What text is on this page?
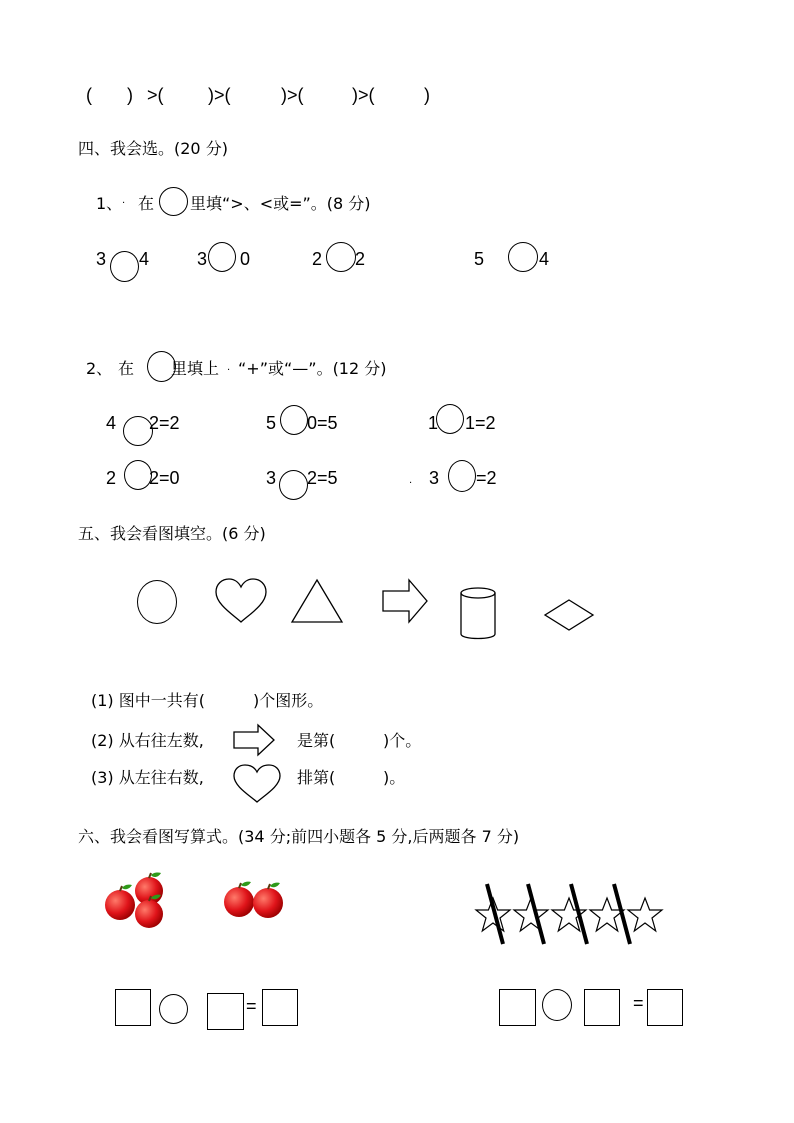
( ) >( )>(	)>(	)>(	)
四、我会选。(20 分)
1、 . 在 里填“>、<或=”。(8 分)
3 4	3 0	2 2	5	4
2、 在 里填上 . “+”或“—”。(12 分)
4 2=2	5 0=5	1 1=2
2 2=0	3 2=5	. 3 =2
五、我会看图填空。(6 分)
(1) 图中一共有(	)个图形。
(2) 从右往左数,	是第(	)个。
(3) 从左往右数,	排第(	)。
六、我会看图写算式。(34 分;前四小题各 5 分,后两题各 7 分)
=	=
